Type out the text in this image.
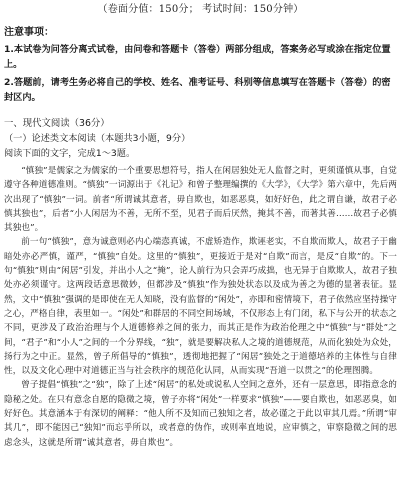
（卷面分值：150分； 考试时间：150分钟）
注意事项：

1.本试卷为问答分离式试卷，由问卷和答题卡（答卷）两部分组成，答案务必写或涂在指定位置上。

2.答题前，请考生务必将自己的学校、姓名、准考证号、科别等信息填写在答题卡（答卷）的密封区内。

一、现代文阅读（36分）
（一）论述类文本阅读（本题共3小题，9分）
阅读下面的文字，完成1～3题。

“慎独”是儒家之为儒家的一个重要思想符号，指人在闲居独处无人监督之时，更须谨慎从事，自觉遵守各种道德准则。“慎独”一词源出于《礼记》和曾子整理编撰的《大学》，《大学》第六章中，先后两次出现了“慎独”一词。前者“所谓诚其意者，毋自欺也，如恶恶臭，如好好色，此之谓自谦，故君子必慎其独也”，后者“小人闲居为不善，无所不至，见君子而后厌然，掩其不善，而著其善……故君子必慎其独也”。

前一句“慎独”，意为诚意则必内心端悫真诚，不虚矫造作，欺诬老实，不自欺而欺人，故君子于幽暗处亦必严慎，谨严，“慎独”自处。这里的“慎独”，更接近于是对“自欺”而言，是反“自欺”的。下一句“慎独”则由“闲居”引发，并出小人之“掩”，论人前行为只会弄巧成拙，也无异于自欺欺人，故君子独处亦必须谨守。这两段话意思微妙，但都涉及“慎独”作为独处状态以及成为善之为德的显著表征。显然，文中“慎独”强调的是即使在无人知晓，没有监督的“闲处”，亦即和密情境下，君子依然应坚持操守之心，严格自律，表里如一。“闲处”和群居的不同空间场域，不仅形态上有门闭，私下与公开的状态之不同，更涉及了政治治理与个人道德修养之间的张力，而其正是作为政治伦理之中“慎独”与“群处”之间，“君子”和“小人”之间的一个分界线，“独”，就是要解决私人之境的道德规范，从而化独处为众处，扬行为之中正。显然，曾子所倡导的“慎独”，透彻地把握了“闲居”独处之于道德培养的主体性与自律性，以及文化心理中对道德正当与社会秩序的规范化认同，从而实现“吾道一以贯之”的伦理图腾。

曾子提倡“慎独”之“独”，除了上述“闲居”的私处或说私人空间之意外，还有一层意思，即指意念的隐秘之处。在只有意念自愿的隐微之境，曾子亦将“闲处”一样要求“慎独”——要自欺也，如恶恶臭，如好好色。其意涵本于有深切的阐释：“他人所不及知而己独知之者，故必谨之于此以审其几焉。”所谓“审其几”，即不能因己“独知”而忘乎所以，或者意的伪作，或则率直地说，应审慎之，审察隐微之间的思虑念头，这就是所谓“诚其意者，毋自欺也”。
